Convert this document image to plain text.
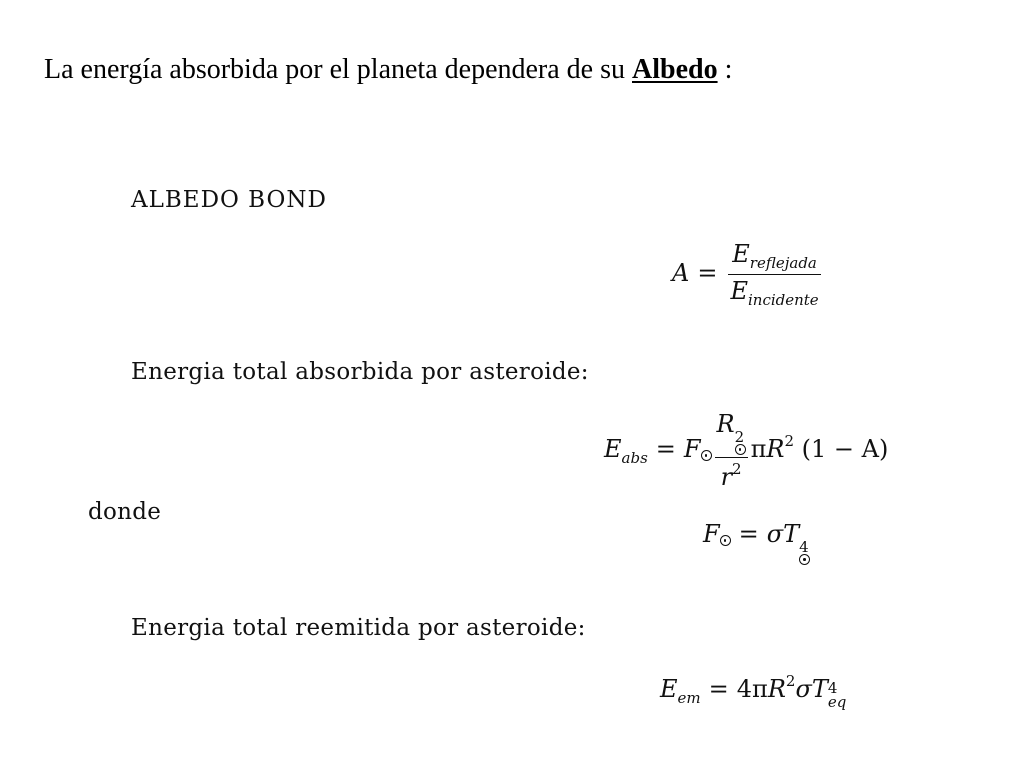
La energía absorbida por el planeta dependera de su Albedo :
ALBEDO BOND
$A = \frac{E_{reflejada}}{E_{incidente}}$
Energia total absorbida por asteroide:
$E_{abs} = F \frac{R 2}{r^2} \pi R^2$ (1 − A)
donde
F = σT 4
Energia total reemitida por asteroide:
$E_{em} = 4\pi R^2\sigma T$ 4
eq
